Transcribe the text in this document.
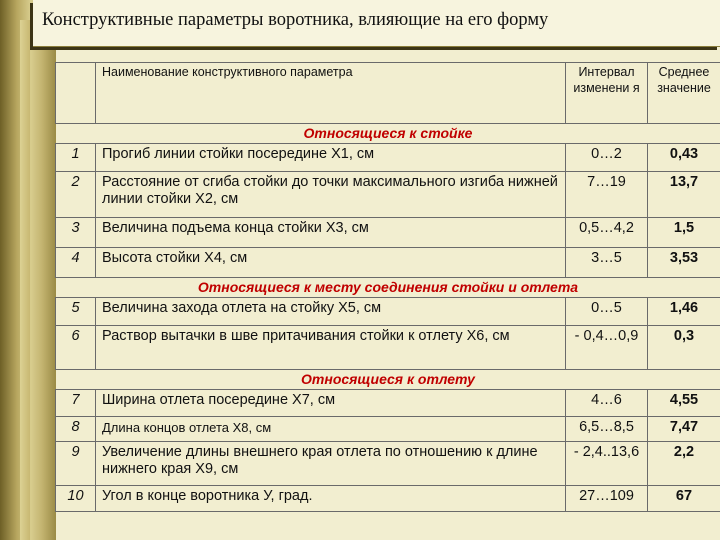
Конструктивные параметры воротника, влияющие на его форму
	Наименование конструктивного параметра	Интервал изменени я	Среднее значение
Относящиеся к стойке			
1	Прогиб линии стойки посередине Х1, см	0…2	0,43
2	Расстояние от сгиба стойки до точки максимального изгиба нижней линии стойки Х2, см	7…19	13,7
3	Величина подъема конца стойки Х3, см	0,5…4,2	1,5
4	Высота стойки Х4, см	3…5	3,53
Относящиеся к месту соединения стойки и отлета			
5	Величина захода отлета на стойку Х5, см	0…5	1,46
6	Раствор вытачки в шве притачивания стойки к отлету Х6, см	- 0,4…0,9	0,3
Относящиеся к отлету			
7	Ширина отлета посередине Х7, см	4…6	4,55
8	Длина концов отлета Х8, см	6,5…8,5	7,47
9	Увеличение длины внешнего края отлета по отношению к длине нижнего края Х9, см	- 2,4..13,6	2,2
10	Угол в конце воротника У, град.	27…109	67
